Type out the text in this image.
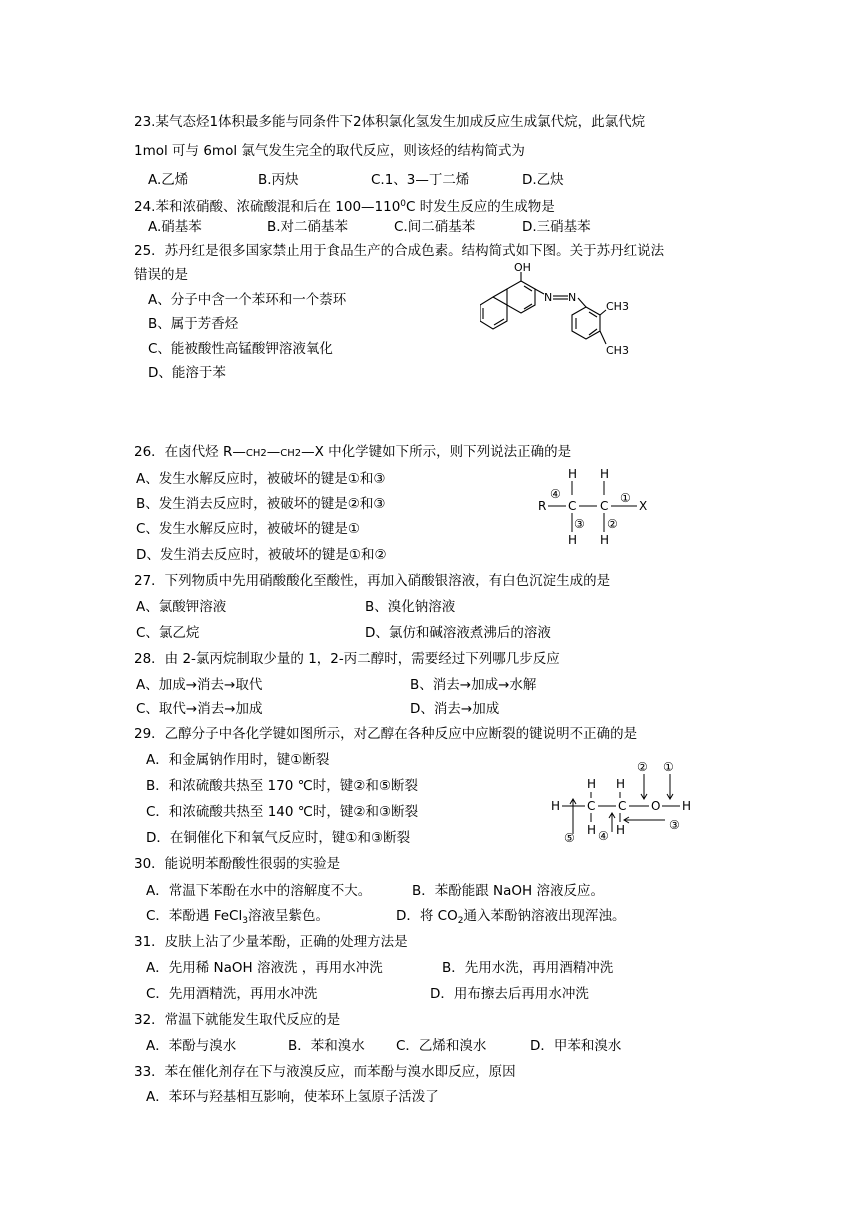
23.某气态烃1体积最多能与同条件下2体积氯化氢发生加成反应生成氯代烷，此氯代烷
1mol 可与 6mol 氯气发生完全的取代反应，则该烃的结构简式为
A.乙烯	B.丙炔	C.1、3—丁二烯	D.乙炔
24.苯和浓硝酸、浓硫酸混和后在 $100—110^0C$ 时发生反应的生成物是
A.硝基苯	B.对二硝基苯	C.间二硝基苯	D.三硝基苯
25．苏丹红是很多国家禁止用于食品生产的合成色素。结构简式如下图。关于苏丹红说法
错误的是
A、分子中含一个苯环和一个萘环
B、属于芳香烃
C、能被酸性高锰酸钾溶液氧化
D、能溶于苯
OH
N N
CH3
CH3
26．在卤代烃 R—CH2—CH2—X 中化学键如下所示，则下列说法正确的是
A、发生水解反应时，被破坏的键是①和③
B、发生消去反应时，被破坏的键是②和③
C、发生水解反应时，被破坏的键是①
D、发生消去反应时，被破坏的键是①和②
R
H H
C C	X
H H
④	①
③ ②
27．下列物质中先用硝酸酸化至酸性，再加入硝酸银溶液，有白色沉淀生成的是
A、氯酸钾溶液	B、溴化钠溶液
C、氯乙烷	D、氯仿和碱溶液煮沸后的溶液
28．由 2-氯丙烷制取少量的 1，2-丙二醇时，需要经过下列哪几步反应
A、加成→消去→取代	B、消去→加成→水解
C、取代→消去→加成	D、消去→加成
29．乙醇分子中各化学键如图所示，对乙醇在各种反应中应断裂的键说明不正确的是
A．和金属钠作用时，键①断裂
B．和浓硫酸共热至 170 ℃时，键②和⑤断裂
C．和浓硫酸共热至 140 ℃时，键②和③断裂
D．在铜催化下和氧气反应时，键①和③断裂
H
H H
C C O H
H H
② ①
③
④
⑤
30．能说明苯酚酸性很弱的实验是
A．常温下苯酚在水中的溶解度不大。	B．苯酚能跟 NaOH 溶液反应。
C．苯酚遇 FeCl$_3$溶液呈紫色。	D．将 $CO_2$通入苯酚钠溶液出现浑浊。
31．皮肤上沾了少量苯酚，正确的处理方法是
A．先用稀 NaOH 溶液洗 ，再用水冲洗	B．先用水洗，再用酒精冲洗
C．先用酒精洗，再用水冲洗	D．用布擦去后再用水冲洗
32．常温下就能发生取代反应的是
A．苯酚与溴水	B．苯和溴水 C．乙烯和溴水	D．甲苯和溴水
33．苯在催化剂存在下与液溴反应，而苯酚与溴水即反应，原因
A．苯环与羟基相互影响，使苯环上氢原子活泼了
